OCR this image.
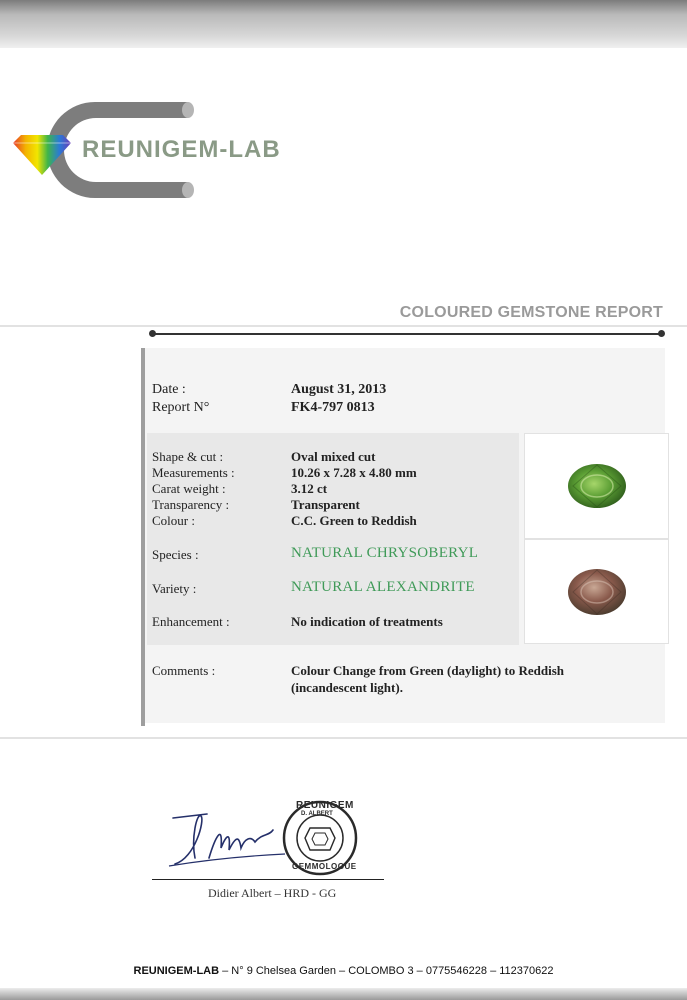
REUNIGEM-LAB
COLOURED GEMSTONE REPORT
Date :	August 31, 2013
Report N°	FK4-797 0813
Shape & cut :	Oval mixed cut
Measurements :	10.26 x 7.28 x 4.80 mm
Carat weight :	3.12 ct
Transparency :	Transparent
Colour :	C.C. Green to Reddish
Species :	NATURAL CHRYSOBERYL
Variety :	NATURAL ALEXANDRITE
Enhancement :	No indication of treatments
Comments :	Colour Change from Green (daylight) to Reddish
(incandescent light).
REUNIGEM
D. ALBERT
GEMMOLOGUE
Didier Albert – HRD - GG
REUNIGEM-LAB – N° 9 Chelsea Garden – COLOMBO 3 – 0775546228 – 112370622
